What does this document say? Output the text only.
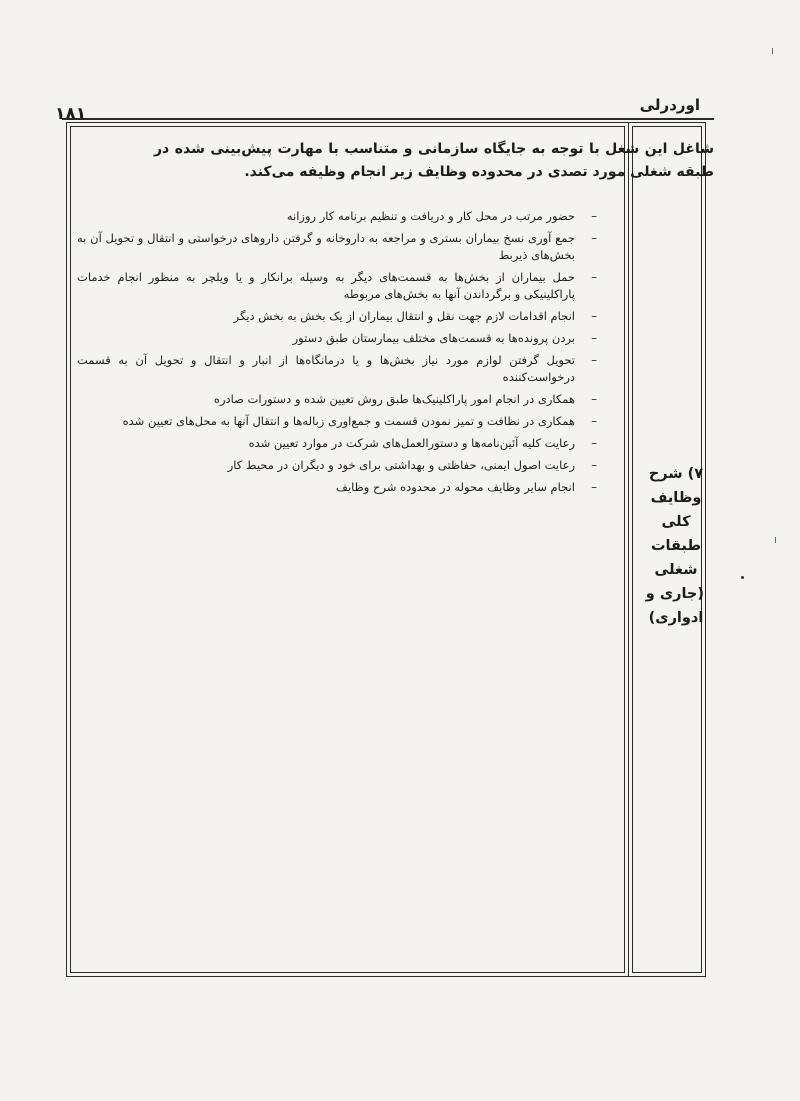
۱۸۱	اوردرلی
شاغل این شغل با توجه به جایگاه سازمانی و متناسب با مهارت پیش‌بینی شده در طبقه شغلی مورد تصدی در محدوده وظایف زیر انجام وظیفه می‌کند.
–
حضور مرتب در محل کار و دریافت و تنظیم برنامه کار روزانه
–
جمع آوری نسخ بیماران بستری و مراجعه به داروخانه و گرفتن داروهای درخواستی و انتقال و تحویل آن به بخش‌های ذیربط
–
حمل بیماران از بخش‌ها به قسمت‌های دیگر به وسیله برانکار و یا ویلچر به منظور انجام خدمات پاراکلینیکی و برگرداندن آنها به بخش‌های مربوطه
–
انجام اقدامات لازم جهت نقل و انتقال بیماران از یک بخش به بخش دیگر
–
بردن پرونده‌ها به قسمت‌های مختلف بیمارستان طبق دستور
–
تحویل گرفتن لوازم مورد نیاز بخش‌ها و یا درمانگاه‌ها از انبار و انتقال و تحویل آن به قسمت درخواست‌کننده
–
همکاری در انجام امور پاراکلینیک‌ها طبق روش تعیین شده و دستورات صادره
–
همکاری در نظافت و تمیز نمودن قسمت و جمع‌اوری زباله‌ها و انتقال آنها به محل‌های تعیین شده
–
رعایت کلیه آئین‌نامه‌ها و دستورالعمل‌های شرکت در موارد تعیین شده
–
رعایت اصول ایمنی، حفاظتی و بهداشتی برای خود و دیگران در محیط کار
–
انجام سایر وظایف محوله در محدوده شرح وظایف
۷) شرح
وظایف
کلی
طبقات
شغلی
(جاری و
ادواری)
